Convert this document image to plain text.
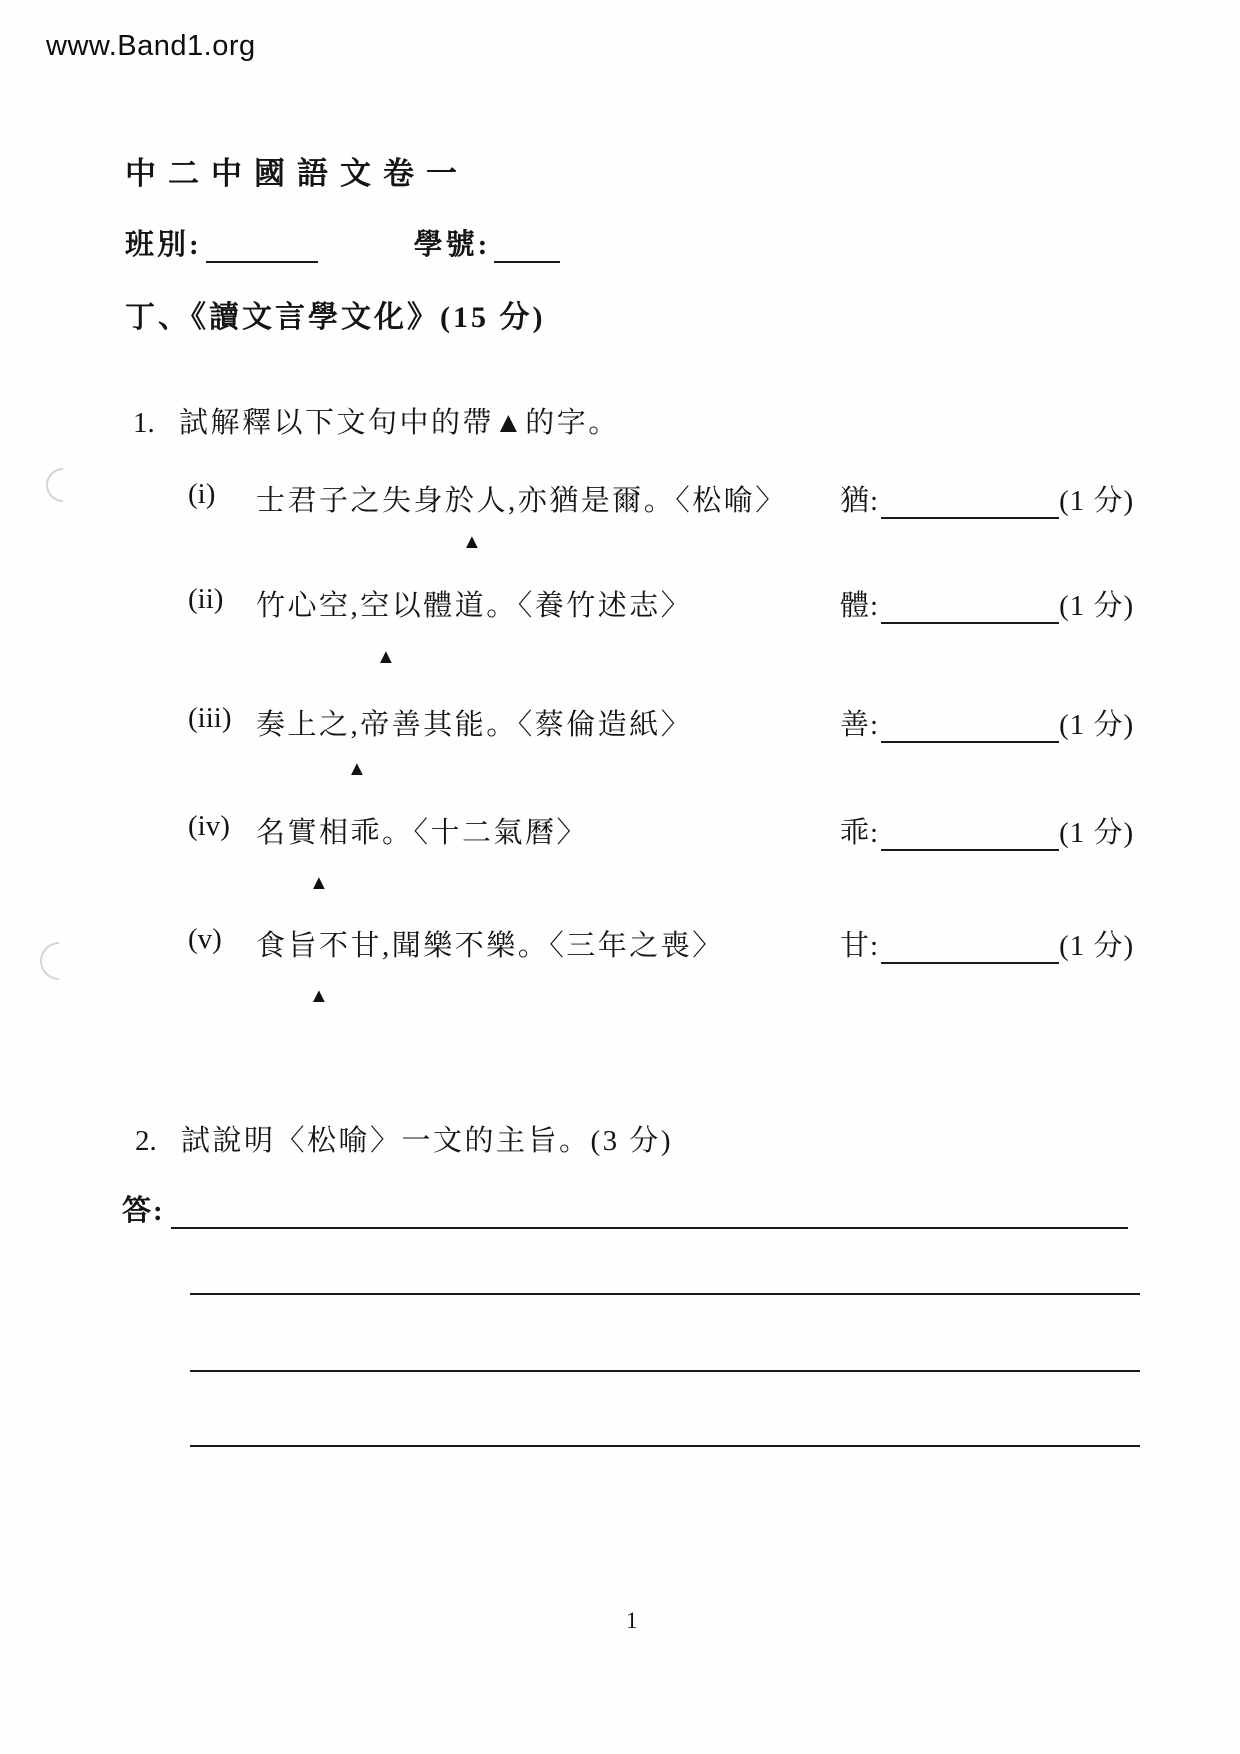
www.Band1.org
中二中國語文卷一
班別:	學號:
丁、《讀文言學文化》(15 分)
1. 試解釋以下文句中的帶▲的字。
(i) 士君子之失身於人,亦猶是爾。〈松喻〉 猶:	(1 分)
(ii) 竹心空,空以體道。〈養竹述志〉	體:	(1 分)
(iii) 奏上之,帝善其能。〈蔡倫造紙〉	善:	(1 分)
(iv) 名實相乖。〈十二氣曆〉	乖:	(1 分)
(v) 食旨不甘,聞樂不樂。〈三年之喪〉	甘:	(1 分)
▲
▲
▲
▲
▲
2. 試說明〈松喻〉一文的主旨。(3 分)
答:
1
